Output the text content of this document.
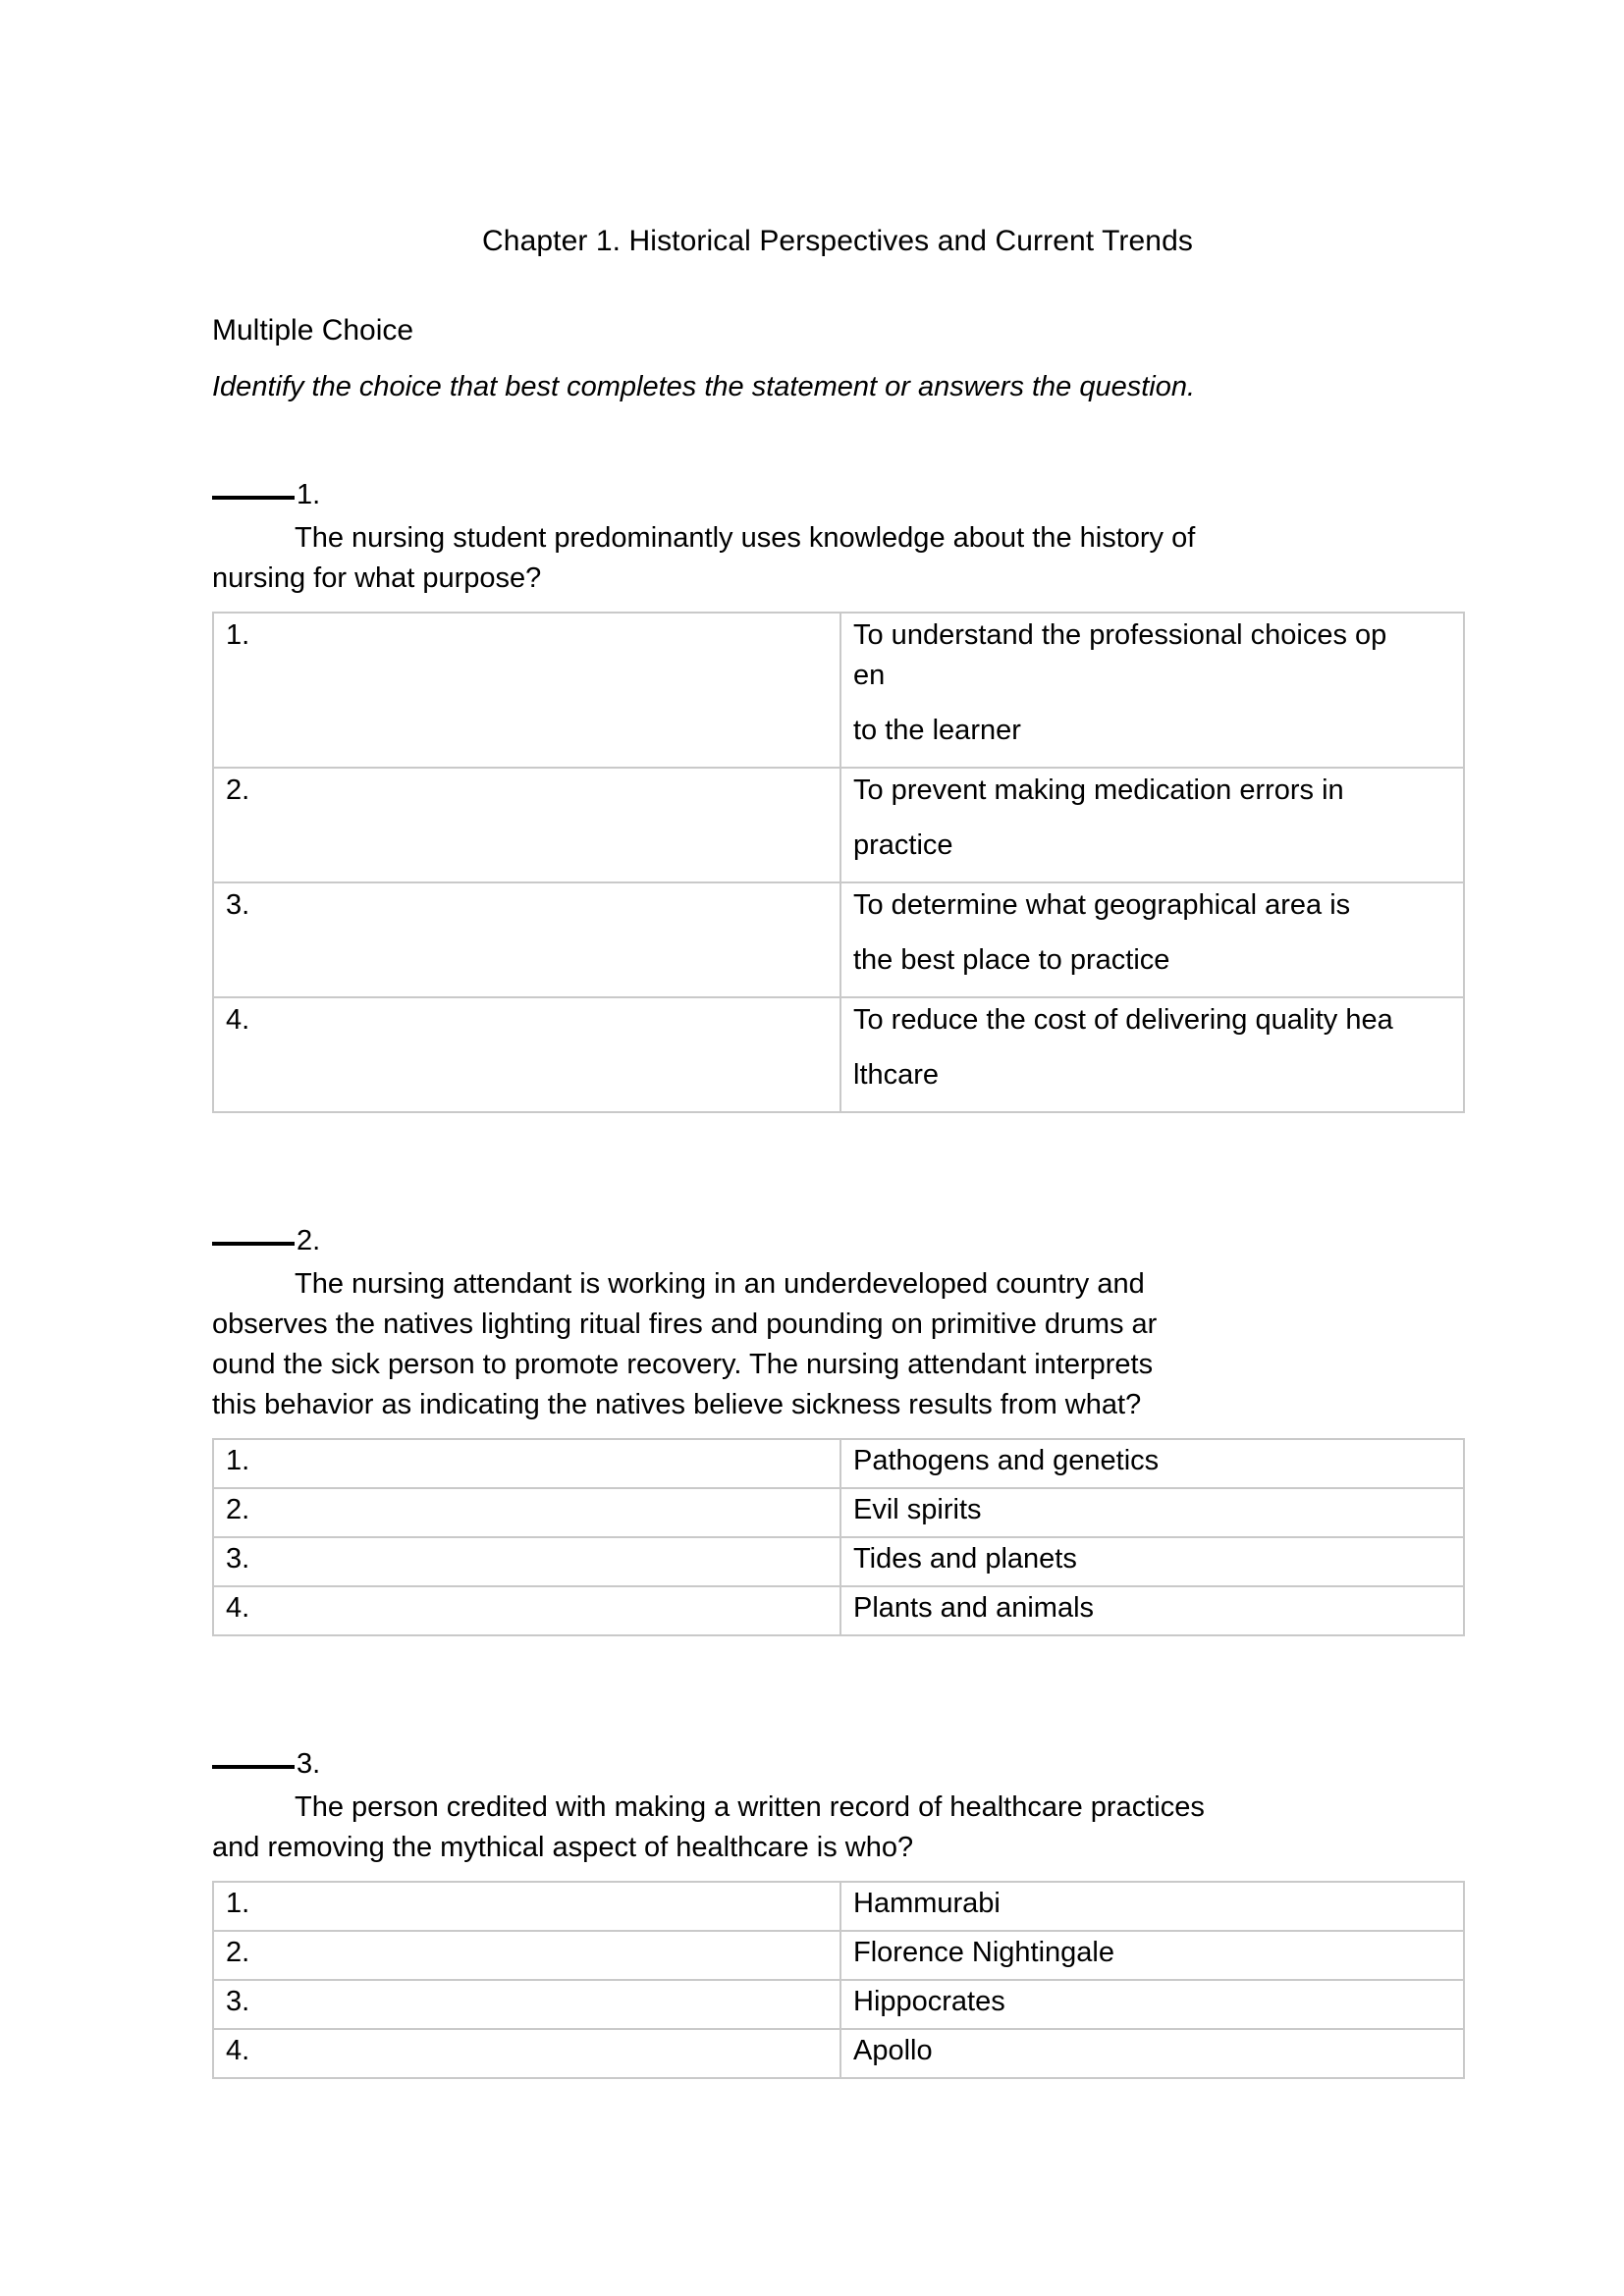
Chapter 1. Historical Perspectives and Current Trends
Multiple Choice

Identify the choice that best completes the statement or answers the question.

1.
The nursing student predominantly uses knowledge about the history of
nursing for what purpose?
1.	To understand the professional choices op
en
to the learner

2.	To prevent making medication errors in
practice

3.	To determine what geographical area is
the best place to practice

4.	To reduce the cost of delivering quality hea
lthcare
2.
The nursing attendant is working in an underdeveloped country and
observes the natives lighting ritual fires and pounding on primitive drums ar
ound the sick person to promote recovery. The nursing attendant interprets
this behavior as indicating the natives believe sickness results from what?
1.	Pathogens and genetics

2.	Evil spirits

3.	Tides and planets

4.	Plants and animals
3.
The person credited with making a written record of healthcare practices
and removing the mythical aspect of healthcare is who?
1.	Hammurabi

2.	Florence Nightingale

3.	Hippocrates

4.	Apollo
